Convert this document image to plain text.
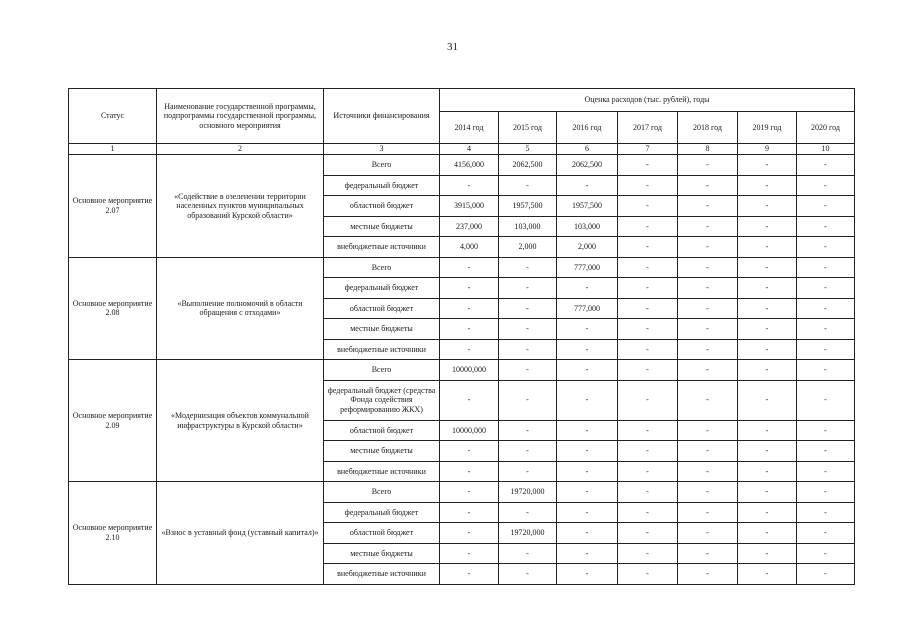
31
Статус	Наименование государственной программы, подпрограммы государственной программы, основного мероприятия	Источники финансирования	Оценка расходов (тыс. рублей), годы						
			2014 год	2015 год	2016 год	2017 год	2018 год	2019 год	2020 год
1	2	3	4	5	6	7	8	9	10
Основное мероприятие 2.07	«Содействие в озеленении территории населенных пунктов муниципальных образований Курской области»	Всего	4156,000	2062,500	2062,500	-	-	-	-
		федеральный бюджет	-	-	-	-	-	-	-
		областной бюджет	3915,000	1957,500	1957,500	-	-	-	-
		местные бюджеты	237,000	103,000	103,000	-	-	-	-
		внебюджетные источники	4,000	2,000	2,000	-	-	-	-
Основное мероприятие 2.08	«Выполнение полномочий в области обращения с отходами»	Всего	-	-	777,000	-	-	-	-
		федеральный бюджет	-	-	-	-	-	-	-
		областной бюджет	-	-	777,000	-	-	-	-
		местные бюджеты	-	-	-	-	-	-	-
		внебюджетные источники	-	-	-	-	-	-	-
Основное мероприятие 2.09	«Модернизация объектов коммунальной инфраструктуры в Курской области»	Всего	10000,000	-	-	-	-	-	-
		федеральный бюджет (средства Фонда содействия реформированию ЖКХ)	-	-	-	-	-	-	-
		областной бюджет	10000,000	-	-	-	-	-	-
		местные бюджеты	-	-	-	-	-	-	-
		внебюджетные источники	-	-	-	-	-	-	-
Основное мероприятие 2.10	«Взнос в уставный фонд (уставный капитал)»	Всего	-	19720,000	-	-	-	-	-
		федеральный бюджет	-	-	-	-	-	-	-
		областной бюджет	-	19720,000	-	-	-	-	-
		местные бюджеты	-	-	-	-	-	-	-
		внебюджетные источники	-	-	-	-	-	-	-
